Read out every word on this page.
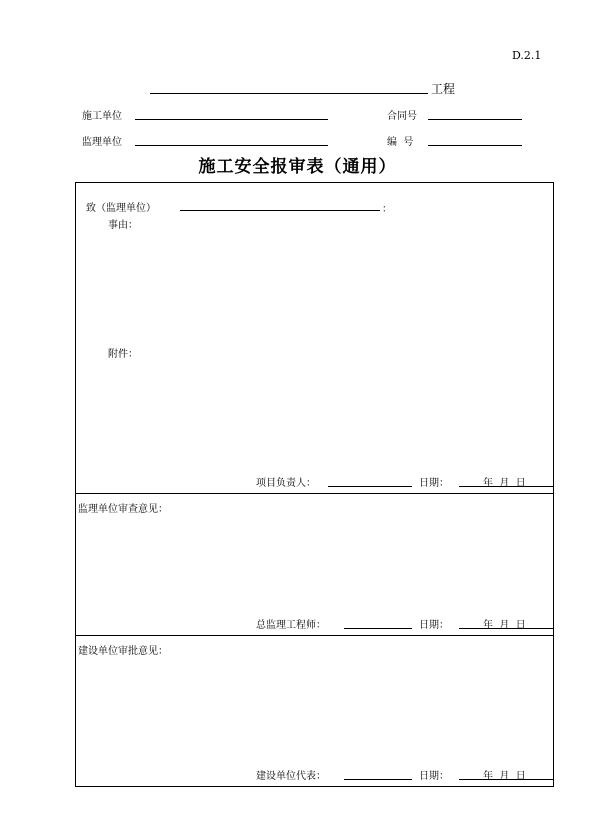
D.2.1
工程
施工单位	合同号
监理单位	编  号
施工安全报审表（通用）
致（监理单位）	：
事由：
附件：
项目负责人：	日期：	年  月  日
监理单位审查意见：
总监理工程师：	日期：	年  月  日
建设单位审批意见：
建设单位代表：	日期：	年  月  日
